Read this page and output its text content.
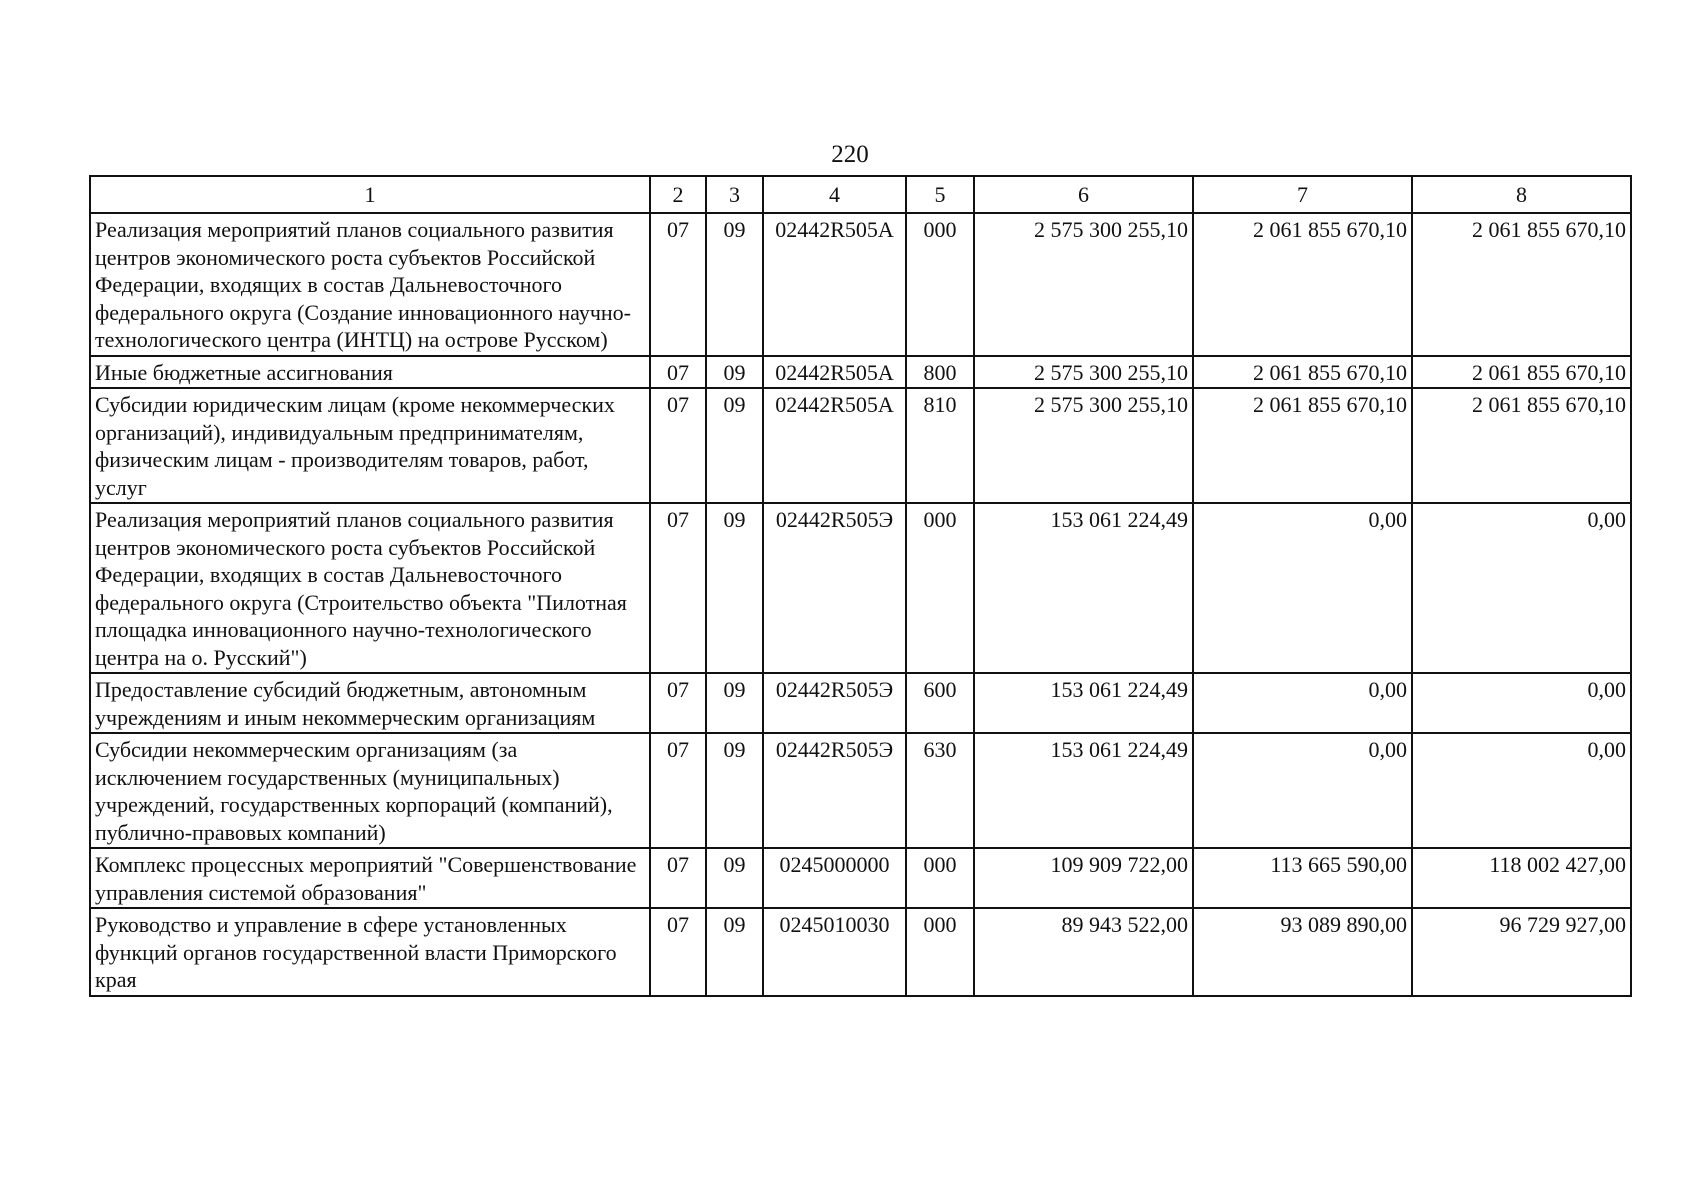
220
1	2	3	4	5	6	7	8
Реализация мероприятий планов социального развития центров экономического роста субъектов Российской Федерации, входящих в состав Дальневосточного федерального округа (Создание инновационного научно-технологического центра (ИНТЦ) на острове Русском)	07	09	02442R505A	000	2 575 300 255,10	2 061 855 670,10	2 061 855 670,10
Иные бюджетные ассигнования	07	09	02442R505A	800	2 575 300 255,10	2 061 855 670,10	2 061 855 670,10
Субсидии юридическим лицам (кроме некоммерческих организаций), индивидуальным предпринимателям, физическим лицам - производителям товаров, работ, услуг	07	09	02442R505A	810	2 575 300 255,10	2 061 855 670,10	2 061 855 670,10
Реализация мероприятий планов социального развития центров экономического роста субъектов Российской Федерации, входящих в состав Дальневосточного федерального округа (Строительство объекта "Пилотная площадка инновационного научно-технологического центра на о. Русский")	07	09	02442R505Э	000	153 061 224,49	0,00	0,00
Предоставление субсидий бюджетным, автономным учреждениям и иным некоммерческим организациям	07	09	02442R505Э	600	153 061 224,49	0,00	0,00
Субсидии некоммерческим организациям (за исключением государственных (муниципальных) учреждений, государственных корпораций (компаний), публично-правовых компаний)	07	09	02442R505Э	630	153 061 224,49	0,00	0,00
Комплекс процессных мероприятий "Совершенствование управления системой образования"	07	09	0245000000	000	109 909 722,00	113 665 590,00	118 002 427,00
Руководство и управление в сфере установленных функций органов государственной власти Приморского края	07	09	0245010030	000	89 943 522,00	93 089 890,00	96 729 927,00
